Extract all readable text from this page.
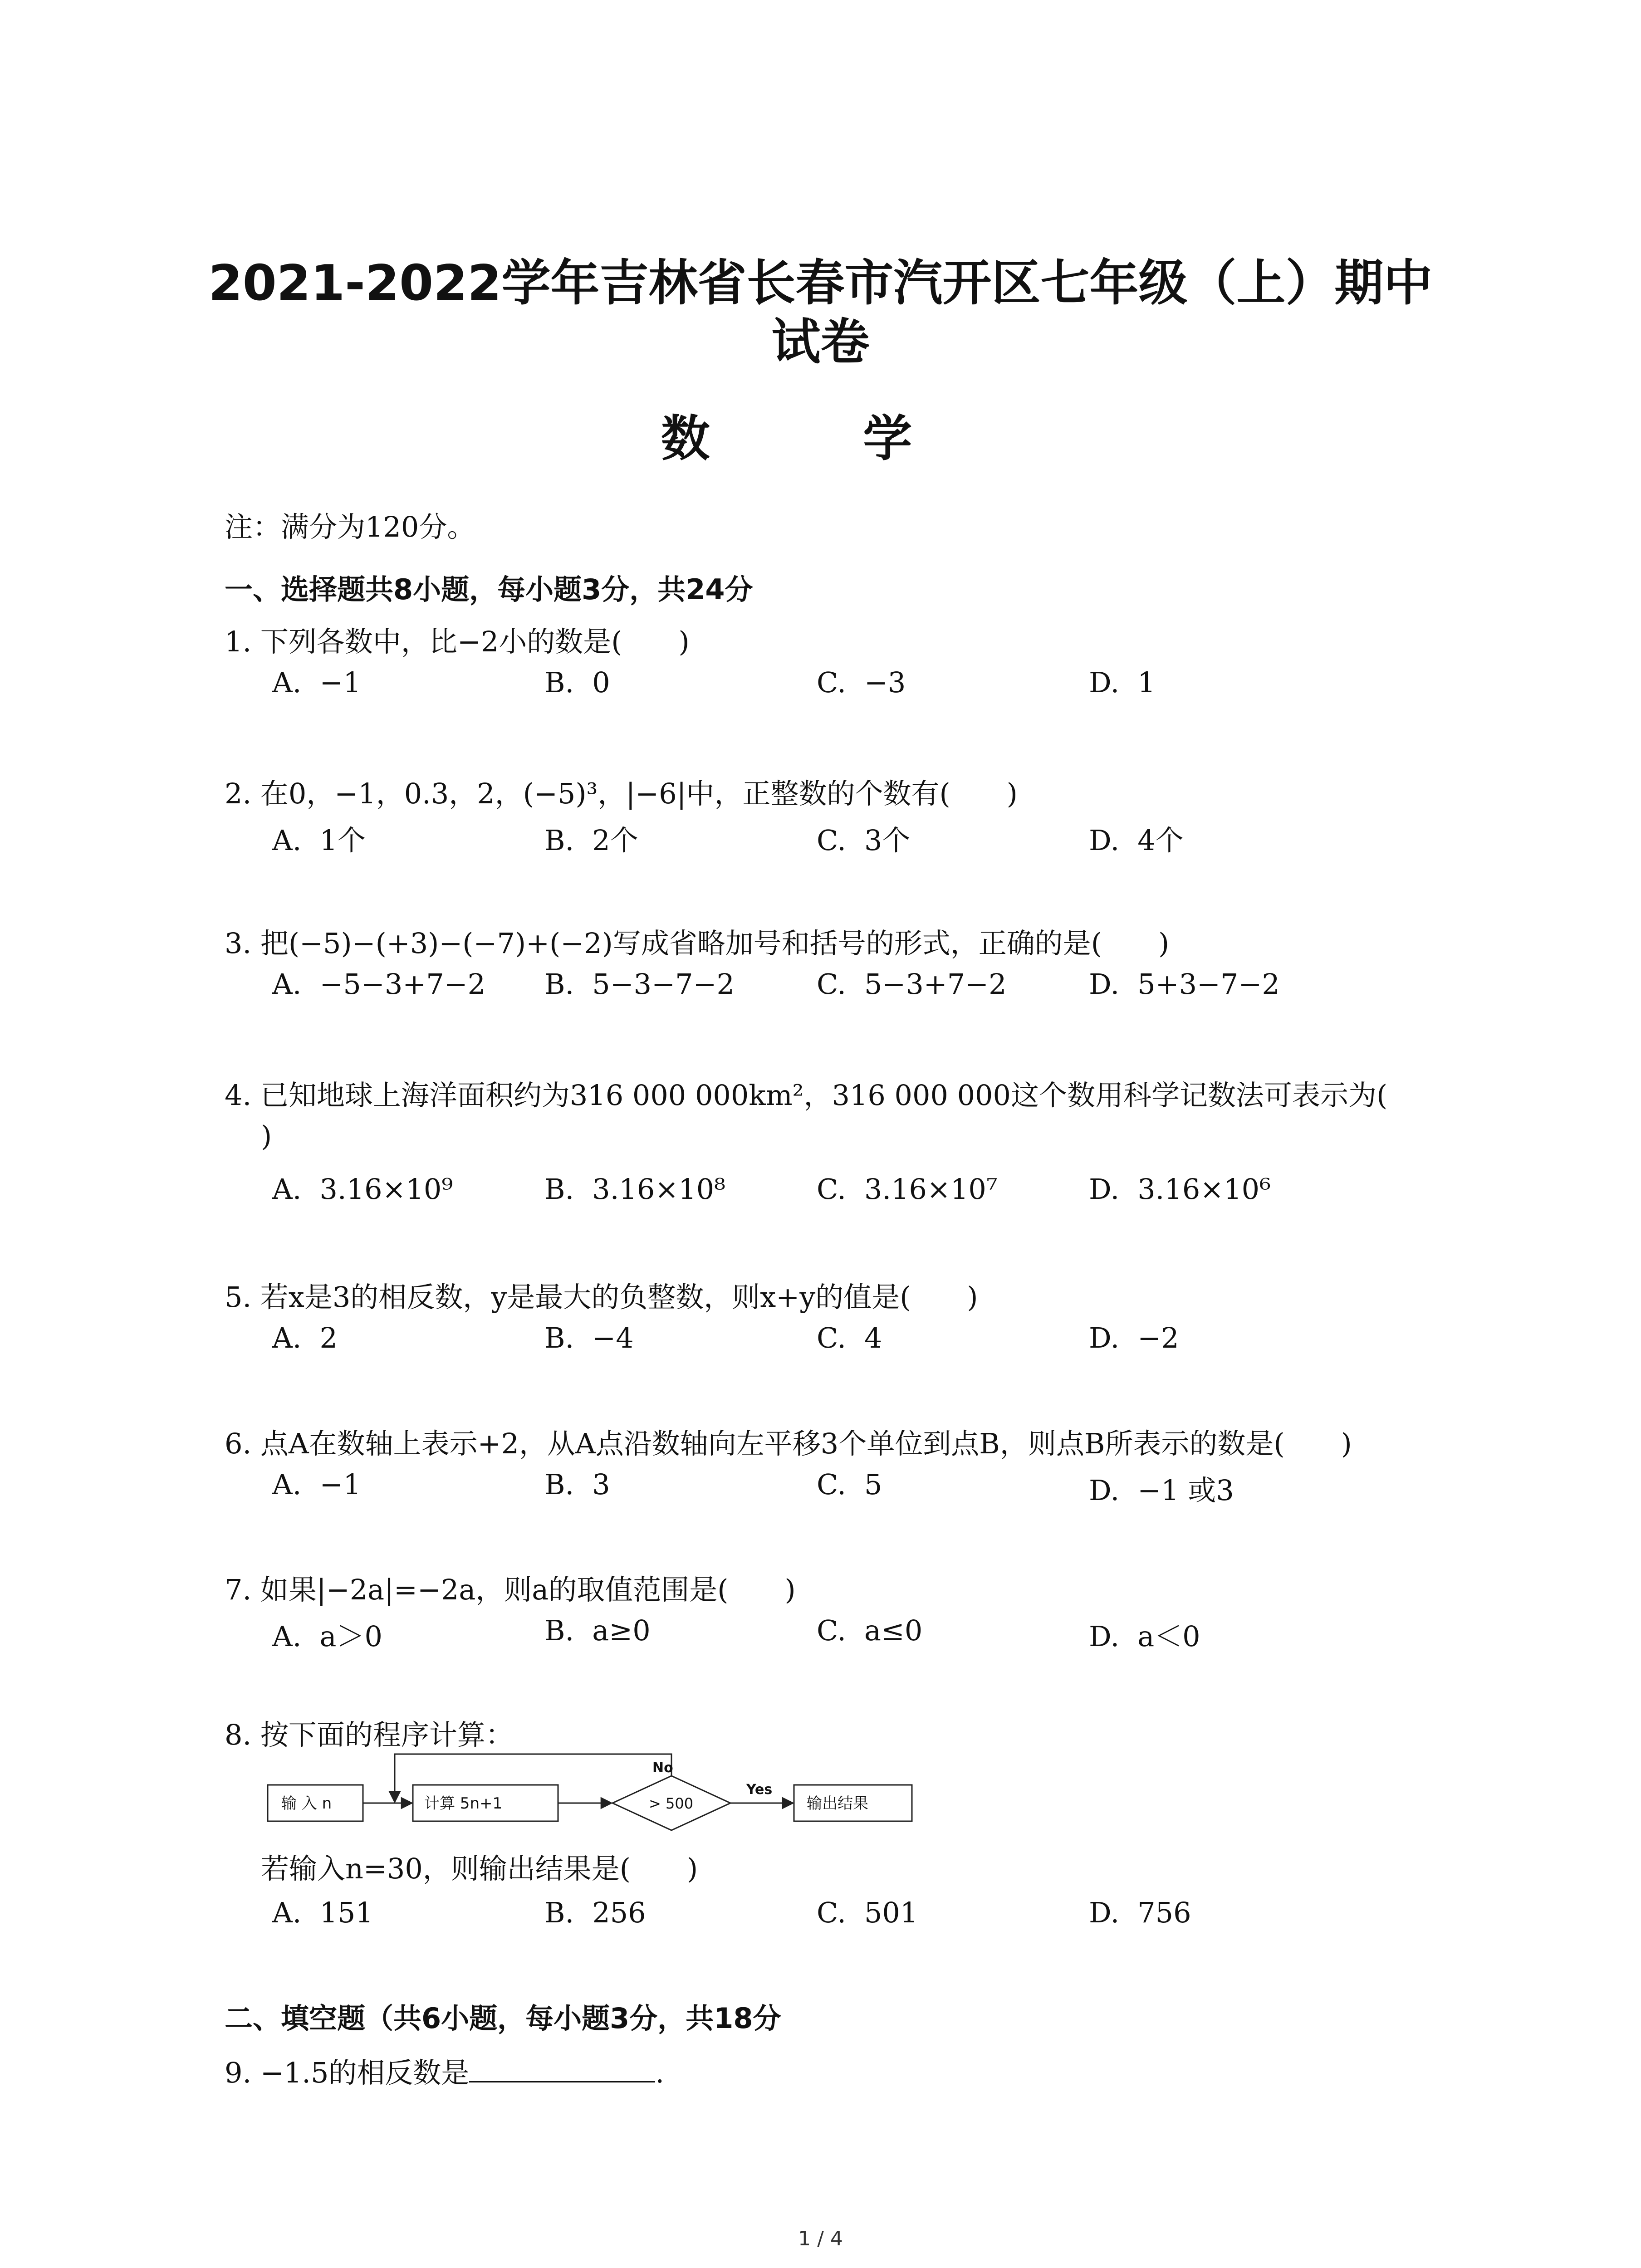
2021-2022学年吉林省长春市汽开区七年级（上）期中
试卷
数 学
注：满分为120分。
一、选择题共8小题，每小题3分，共24分
1. 下列各数中，比−2小的数是(　　)
A. −1	B. 0	C. −3	D. 1
2. 在0，−1，0.3，2，(−5)³，|−6|中，正整数的个数有(　　)
A. 1个	B. 2个	C. 3个	D. 4个
3. 把(−5)−(+3)−(−7)+(−2)写成省略加号和括号的形式，正确的是(　　)
A. −5−3+7−2 B. 5−3−7−2	C. 5−3+7−2	D. 5+3−7−2
4. 已知地球上海洋面积约为316 000 000km²，316 000 000这个数用科学记数法可表示为(
)
A. 3.16×10⁹	B. 3.16×10⁸	C. 3.16×10⁷	D. 3.16×10⁶
5. 若x是3的相反数，y是最大的负整数，则x+y的值是(　　)
A. 2	B. −4	C. 4	D. −2
6. 点A在数轴上表示+2，从A点沿数轴向左平移3个单位到点B，则点B所表示的数是(　　)
A. −1	B. 3	C. 5	D. −1 或3
7. 如果|−2a|=−2a，则a的取值范围是(　　)
A. a＞0	B. a≥0	C. a≤0	D. a＜0
8. 按下面的程序计算：
输 入 n	计算 5n+1	> 500
No
Yes
输出结果
若输入n=30，则输出结果是(　　)
A. 151	B. 256	C. 501	D. 756
二、填空题（共6小题，每小题3分，共18分
9. −1.5的相反数是	.
1 / 4
